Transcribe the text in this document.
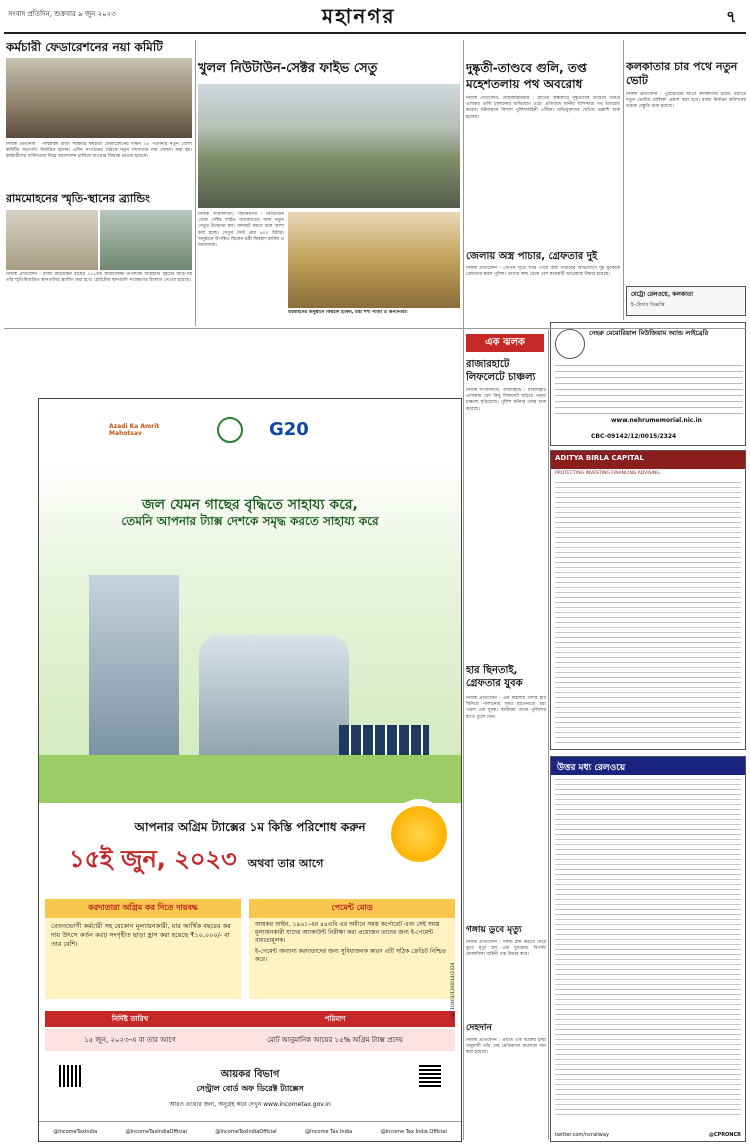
সংবাদ প্রতিদিন, শুক্রবার ৯ জুন ২০২৩	মহানগর	৭
কর্মচারী ফেডারেশনের নয়া কমিটি
নিজস্ব প্রতিনিধি : পশ্চিমবঙ্গ রাজ্য সরকারি কর্মচারী ফেডারেশনের দক্ষিণ ২৪ পরগনার নতুন জেলা কমিটির সভাপতি নির্বাচিত হলেন। এদিন সংগঠনের বৈঠকে নতুন সদস্যদের নাম ঘোষণা করা হয়। কর্মচারীদের দাবিদাওয়া নিয়ে আন্দোলন চালিয়ে যাওয়ার সিদ্ধান্ত নেওয়া হয়েছে।
রামমোহনের স্মৃতি-স্থানের ব্র্যান্ডিং
নিজস্ব প্রতিবেদন : রাজা রামমোহন রায়ের ২৫১তম জন্মবার্ষিকী উপলক্ষে আমহার্স্ট স্ট্রিটের বাড়ি-সহ তাঁর স্মৃতিবিজড়িত স্থানগুলির ব্র্যান্ডিং করা হবে। হেরিটেজ স্থানগুলি সংরক্ষণের উদ্যোগ নেওয়া হয়েছে।
খুলল নিউটাউন-সেক্টর ফাইভ সেতু
নিজস্ব সংবাদদাতা, বিধাননগর : নিউটাউন থেকে সেক্টর ফাইভ যাতায়াতের জন্য নতুন সেতুর উদ্বোধন হল। যানজট কমবে বলে আশা করা হচ্ছে। সেতুর দৈর্ঘ্য প্রায় ৬০০ মিটার। অনুষ্ঠানে উপস্থিত ছিলেন মন্ত্রী ফিরহাদ হাকিম ও অন্যান্যরা।
উদ্বোধনের অনুষ্ঠানে ফিরহাদ হাকিম, মন্ত্রী শশী পাঁজা ও অন্যান্যরা।
দুষ্কৃতী-তাণ্ডবে গুলি, তপ্ত মহেশতলায় পথ অবরোধ
নিজস্ব প্রতিবেদন, ডায়মন্ডহারবার : রাতের অন্ধকারে দুষ্কৃতীদের তাণ্ডবে উত্তপ্ত এলাকা। গুলি চালানোর অভিযোগ ওঠে। প্রতিবাদে স্থানীয় বাসিন্দারা পথ অবরোধ করেন। ঘটনাস্থলে বিশাল পুলিশবাহিনী পৌঁছয়। অভিযুক্তদের খোঁজে তল্লাশি শুরু হয়েছে।
কলকাতার চার পথে নতুন ভোট
নিজস্ব প্রতিবেদন : পুরভোটের আগে কলকাতার চারটি ওয়ার্ডে নতুন ভোটার তালিকা প্রকাশ করা হবে। রাজ্য নির্বাচন কমিশনের তরফে প্রস্তুতি শুরু হয়েছে।
জেলায় অস্ত্র পাচার, গ্রেফতার দুই
নিজস্ব প্রতিবেদন : গোপন সূত্রে খবর পেয়ে অস্ত্র পাচারের অভিযোগে দুই যুবককে গ্রেফতার করল পুলিশ। তাদের কাছ থেকে বেশ কয়েকটি আগ্নেয়াস্ত্র উদ্ধার হয়েছে।
মেট্রো রেলওয়ে, কলকাতা
ই-টেন্ডার বিজ্ঞপ্তি
নেহরু মেমোরিয়াল মিউজিয়াম অ্যান্ড লাইব্রেরি
www.nehrumemorial.nic.in
CBC-09142/12/0015/2324
এক ঝলক
রাজারহাটে লিফলেটে চাঞ্চল্য
নিজস্ব সংবাদদাতা, রাজারহাট : রাজারহাট এলাকায় বেশ কিছু লিফলেট ছড়িয়ে পড়ায় চাঞ্চল্য ছড়িয়েছে। পুলিশ ঘটনার তদন্ত শুরু করেছে।
হার ছিনতাই, গ্রেফতার যুবক
নিজস্ব প্রতিবেদন : এক মহিলার গলার হার ছিনিয়ে পালানোর সময় হাতেনাতে ধরা পড়ল এক যুবক। স্থানীয়রা তাকে পুলিশের হাতে তুলে দেন।
গঙ্গায় ডুবে মৃত্যু
নিজস্ব প্রতিবেদন : গঙ্গায় স্নান করতে নেমে ডুবে মৃত্যু হল এক যুবকের। বিপর্যয় মোকাবিলা বাহিনী দেহ উদ্ধার করে।
দেহদান
নিজস্ব প্রতিবেদন : প্রয়াত এক ব্যক্তির ইচ্ছা অনুযায়ী তাঁর দেহ মেডিক্যাল কলেজে দান করা হয়েছে।
ADITYA BIRLA CAPITAL
PROTECTING INVESTING FINANCING ADVISING
উত্তর মধ্য রেলওয়ে
twitter.com/ncrailway	@CPRONCR
Azadi Ka Amrit Mahotsav	G20
জল যেমন গাছের বৃদ্ধিতে সাহায্য করে,
তেমনি আপনার ট্যাক্স দেশকে সমৃদ্ধ করতে সাহায্য করে
আপনার অগ্রিম ট্যাক্সের ১ম কিস্তি পরিশোধ করুন
১৫ই জুন, ২০২৩ অথবা তার আগে
করদাতারা অগ্রিম কর দিতে দায়বদ্ধ
বেতনভোগী কর্মচারী সহ যেকোন মূল্যায়নকারী, যার আর্থিক বছরের কর দায় উৎসে কর্তন করা/ সংগৃহীত ছাড়া হ্রাস করা হয়েছে ₹১০,০০০/- বা তার বেশি।
পেমেন্ট মোড
আয়কর আইন, ১৯৬১-এর ৪৪এবি এর অধীনে সমস্ত কর্পোরেট এবং সেই সমস্ত মূল্যায়নকারী যাদের অ্যাকাউন্ট নিরীক্ষা করা প্রয়োজন তাদের জন্য ই-পেমেন্ট বাধ্যতামূলক।
ই-পেমেন্ট অন্যান্য করদাতাদের জন্য সুবিধাজনক কারণ এটি সঠিক ক্রেডিট নিশ্চিত করে।
নির্দিষ্ট তারিখ	পরিমাণ
১৫ জুন, ২০২৩-এ বা তার আগে	মোট আনুমানিক আয়ের ১৫% অগ্রিম ট্যাক্স প্রদেয়
আয়কর বিভাগ
সেন্ট্রাল বোর্ড অফ ডিরেক্ট ট্যাক্সেস
আরও তথ্যের জন্য, অনুগ্রহ করে দেখুন www.incometax.gov.in
cbc 10401/13/0014/2324
@IncomeTaxIndia	@IncomeTaxIndiaOfficial	@IncomeTaxIndiaOfficial	@Income Tax India	@Income Tax India Official
